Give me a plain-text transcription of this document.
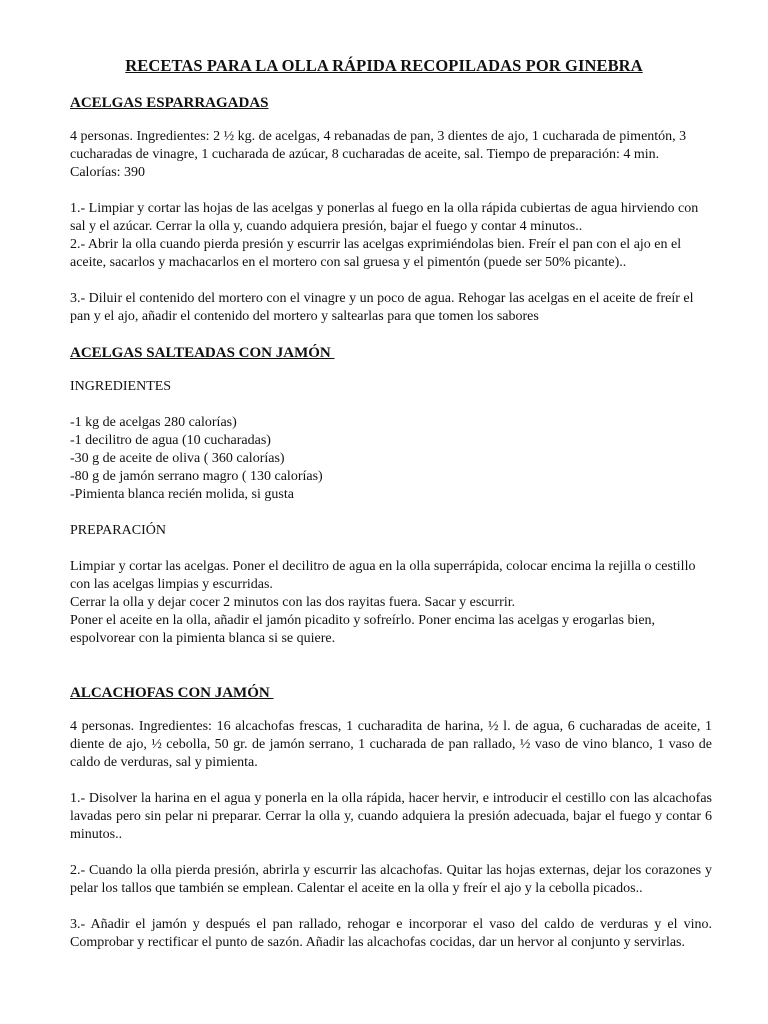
RECETAS PARA LA OLLA RÁPIDA RECOPILADAS POR GINEBRA
ACELGAS ESPARRAGADAS

4 personas. Ingredientes: 2 ½ kg. de acelgas, 4 rebanadas de pan, 3 dientes de ajo, 1 cucharada de pimentón, 3 cucharadas de vinagre, 1 cucharada de azúcar, 8 cucharadas de aceite, sal. Tiempo de preparación: 4 min. Calorías: 390

1.- Limpiar y cortar las hojas de las acelgas y ponerlas al fuego en la olla rápida cubiertas de agua hirviendo con sal y el azúcar. Cerrar la olla y, cuando adquiera presión, bajar el fuego y contar 4 minutos..

2.- Abrir la olla cuando pierda presión y escurrir las acelgas exprimiéndolas bien. Freír el pan con el ajo en el aceite, sacarlos y machacarlos en el mortero con sal gruesa y el pimentón (puede ser 50% picante)..

3.- Diluir el contenido del mortero con el vinagre y un poco de agua. Rehogar las acelgas en el aceite de freír el pan y el ajo, añadir el contenido del mortero y saltearlas para que tomen los sabores

ACELGAS SALTEADAS CON JAMÓN

INGREDIENTES

-1 kg de acelgas 280 calorías)

-1 decilitro de agua (10 cucharadas)

-30 g de aceite de oliva ( 360 calorías)

-80 g de jamón serrano magro ( 130 calorías)

-Pimienta blanca recién molida, si gusta

PREPARACIÓN

Limpiar y cortar las acelgas. Poner el decilitro de agua en la olla superrápida, colocar encima la rejilla o cestillo con las acelgas limpias y escurridas.

Cerrar la olla y dejar cocer 2 minutos con las dos rayitas fuera. Sacar y escurrir.

Poner el aceite en la olla, añadir el jamón picadito y sofreírlo. Poner encima las acelgas y erogarlas bien, espolvorear con la pimienta blanca si se quiere.

ALCACHOFAS CON JAMÓN

4 personas. Ingredientes: 16 alcachofas frescas, 1 cucharadita de harina, ½ l. de agua, 6 cucharadas de aceite, 1 diente de ajo, ½ cebolla, 50 gr. de jamón serrano, 1 cucharada de pan rallado, ½ vaso de vino blanco, 1 vaso de caldo de verduras, sal y pimienta.

1.- Disolver la harina en el agua y ponerla en la olla rápida, hacer hervir, e introducir el cestillo con las alcachofas lavadas pero sin pelar ni preparar. Cerrar la olla y, cuando adquiera la presión adecuada, bajar el fuego y contar 6 minutos..

2.- Cuando la olla pierda presión, abrirla y escurrir las alcachofas. Quitar las hojas externas, dejar los corazones y pelar los tallos que también se emplean. Calentar el aceite en la olla y freír el ajo y la cebolla picados..

3.- Añadir el jamón y después el pan rallado, rehogar e incorporar el vaso del caldo de verduras y el vino. Comprobar y rectificar el punto de sazón. Añadir las alcachofas cocidas, dar un hervor al conjunto y servirlas.
